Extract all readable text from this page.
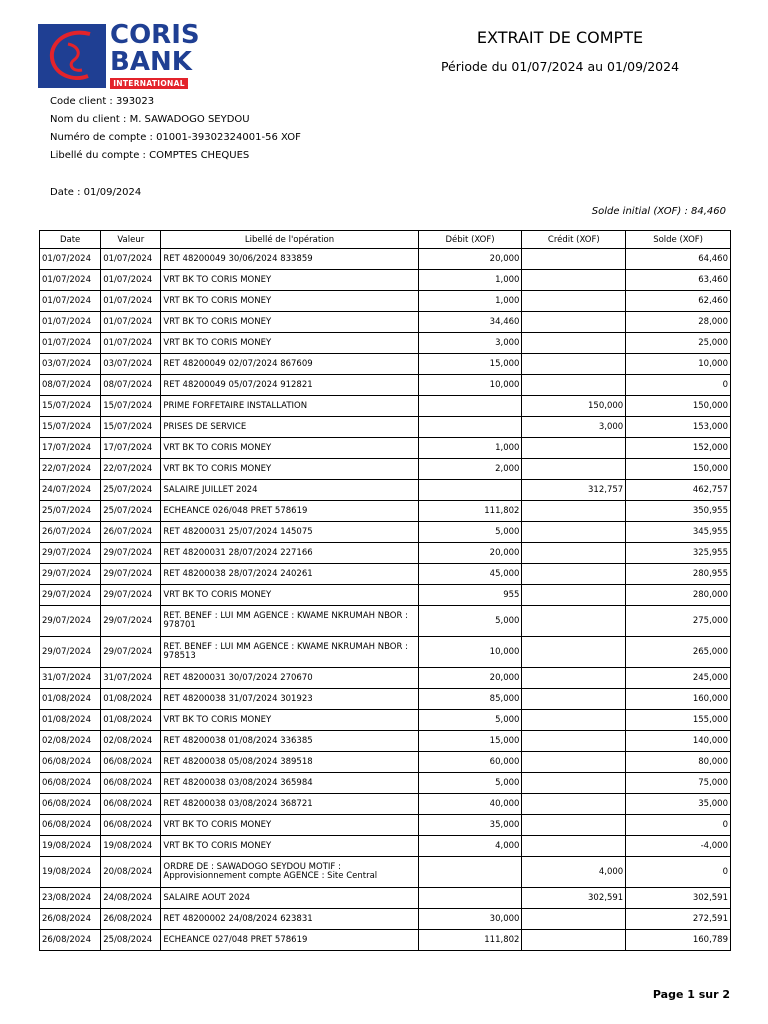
CORIS
BANK
INTERNATIONAL
EXTRAIT DE COMPTE
Période du 01/07/2024 au 01/09/2024
Code client : 393023
Nom du client : M. SAWADOGO SEYDOU
Numéro de compte : 01001-39302324001-56 XOF
Libellé du compte : COMPTES CHEQUES
Date : 01/09/2024
Solde initial (XOF) : 84,460
Date	Valeur	Libellé de l'opération	Débit (XOF)	Crédit (XOF)	Solde (XOF)
01/07/2024	01/07/2024	RET 48200049 30/06/2024 833859	20,000		64,460
01/07/2024	01/07/2024	VRT BK TO CORIS MONEY	1,000		63,460
01/07/2024	01/07/2024	VRT BK TO CORIS MONEY	1,000		62,460
01/07/2024	01/07/2024	VRT BK TO CORIS MONEY	34,460		28,000
01/07/2024	01/07/2024	VRT BK TO CORIS MONEY	3,000		25,000
03/07/2024	03/07/2024	RET 48200049 02/07/2024 867609	15,000		10,000
08/07/2024	08/07/2024	RET 48200049 05/07/2024 912821	10,000		0
15/07/2024	15/07/2024	PRIME FORFETAIRE INSTALLATION		150,000	150,000
15/07/2024	15/07/2024	PRISES DE SERVICE		3,000	153,000
17/07/2024	17/07/2024	VRT BK TO CORIS MONEY	1,000		152,000
22/07/2024	22/07/2024	VRT BK TO CORIS MONEY	2,000		150,000
24/07/2024	25/07/2024	SALAIRE JUILLET 2024		312,757	462,757
25/07/2024	25/07/2024	ECHEANCE 026/048 PRET 578619	111,802		350,955
26/07/2024	26/07/2024	RET 48200031 25/07/2024 145075	5,000		345,955
29/07/2024	29/07/2024	RET 48200031 28/07/2024 227166	20,000		325,955
29/07/2024	29/07/2024	RET 48200038 28/07/2024 240261	45,000		280,955
29/07/2024	29/07/2024	VRT BK TO CORIS MONEY	955		280,000
29/07/2024	29/07/2024	RET. BENEF : LUI MM AGENCE : KWAME NKRUMAH NBOR : 978701	5,000		275,000
29/07/2024	29/07/2024	RET. BENEF : LUI MM AGENCE : KWAME NKRUMAH NBOR : 978513	10,000		265,000
31/07/2024	31/07/2024	RET 48200031 30/07/2024 270670	20,000		245,000
01/08/2024	01/08/2024	RET 48200038 31/07/2024 301923	85,000		160,000
01/08/2024	01/08/2024	VRT BK TO CORIS MONEY	5,000		155,000
02/08/2024	02/08/2024	RET 48200038 01/08/2024 336385	15,000		140,000
06/08/2024	06/08/2024	RET 48200038 05/08/2024 389518	60,000		80,000
06/08/2024	06/08/2024	RET 48200038 03/08/2024 365984	5,000		75,000
06/08/2024	06/08/2024	RET 48200038 03/08/2024 368721	40,000		35,000
06/08/2024	06/08/2024	VRT BK TO CORIS MONEY	35,000		0
19/08/2024	19/08/2024	VRT BK TO CORIS MONEY	4,000		-4,000
19/08/2024	20/08/2024	ORDRE DE : SAWADOGO SEYDOU MOTIF : Approvisionnement compte AGENCE : Site Central		4,000	0
23/08/2024	24/08/2024	SALAIRE AOUT 2024		302,591	302,591
26/08/2024	26/08/2024	RET 48200002 24/08/2024 623831	30,000		272,591
26/08/2024	25/08/2024	ECHEANCE 027/048 PRET 578619	111,802		160,789
Page 1 sur 2
